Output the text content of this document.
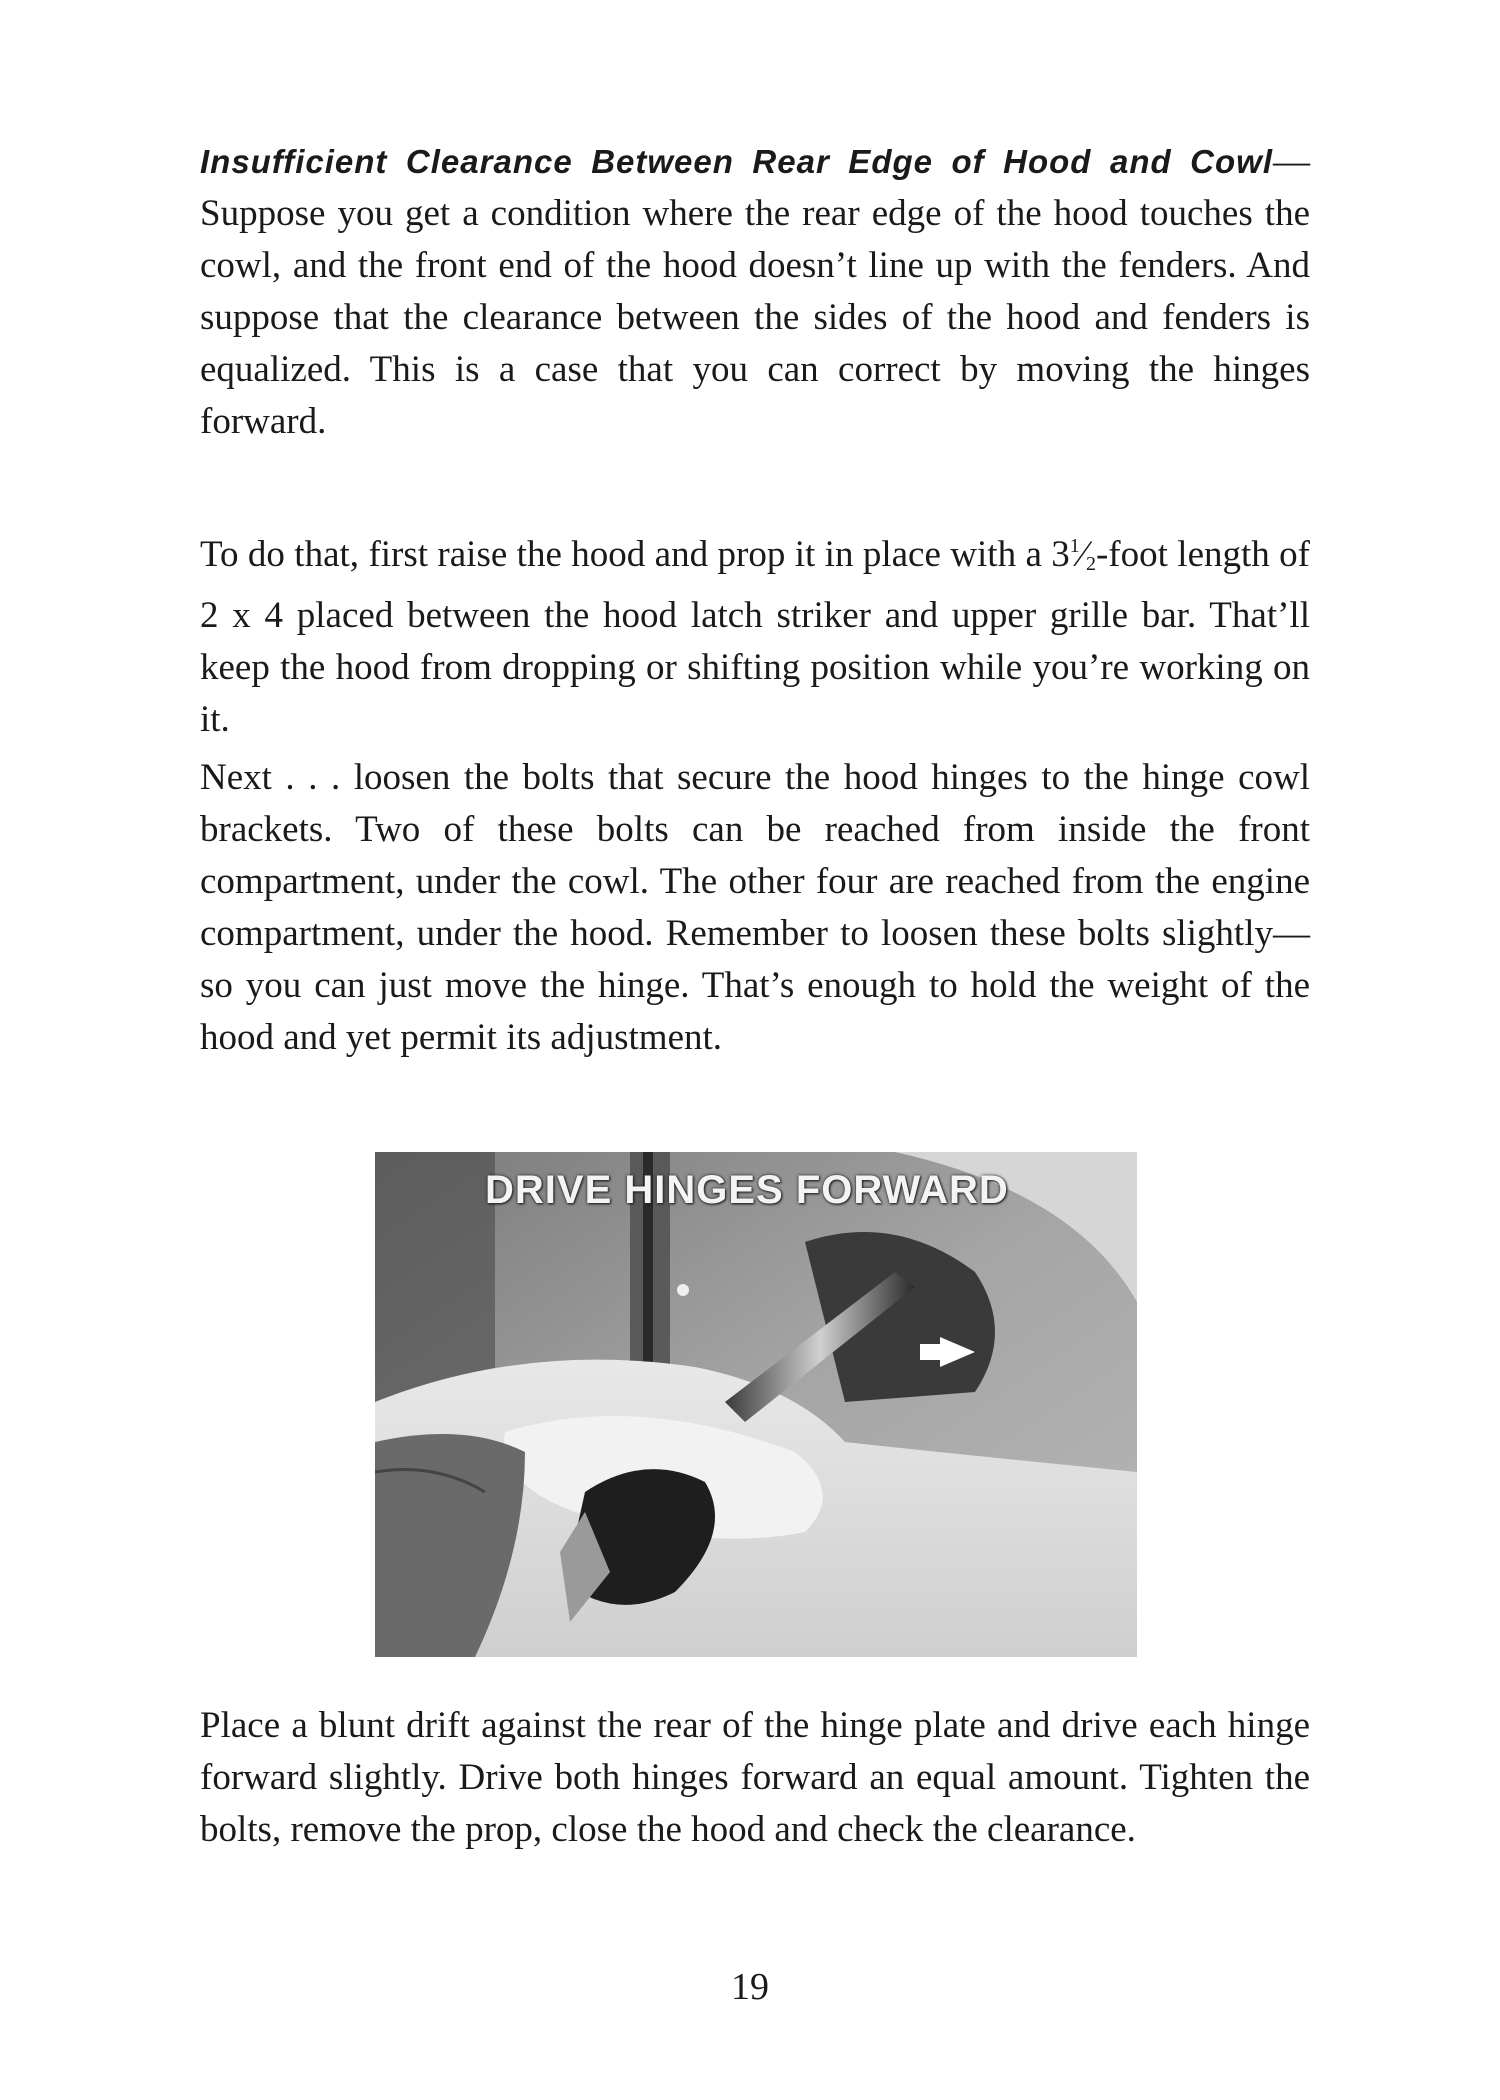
Insufficient Clearance Between Rear Edge of Hood and Cowl—Suppose you get a condition where the rear edge of the hood touches the cowl, and the front end of the hood doesn’t line up with the fenders. And suppose that the clearance between the sides of the hood and fenders is equalized. This is a case that you can correct by moving the hinges forward.

To do that, first raise the hood and prop it in place with a $3^1⁄_2$-foot length of 2 x 4 placed between the hood latch striker and upper grille bar. That’ll keep the hood from dropping or shifting position while you’re working on it.

Next . . . loosen the bolts that secure the hood hinges to the hinge cowl brackets. Two of these bolts can be reached from inside the front compartment, under the cowl. The other four are reached from the engine compartment, under the hood. Remember to loosen these bolts slightly—so you can just move the hinge. That’s enough to hold the weight of the hood and yet permit its adjustment.

DRIVE HINGES FORWARD

Place a blunt drift against the rear of the hinge plate and drive each hinge forward slightly. Drive both hinges forward an equal amount. Tighten the bolts, remove the prop, close the hood and check the clearance.

19
